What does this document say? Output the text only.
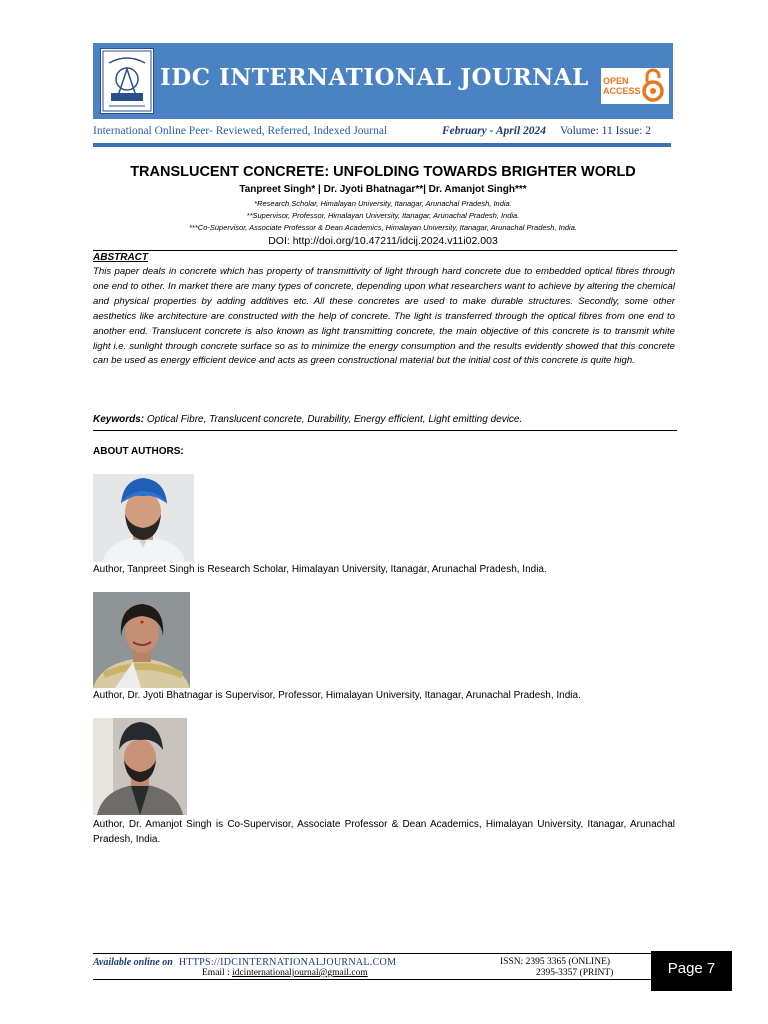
IDC INTERNATIONAL JOURNAL OPEN
ACCESS
International Online Peer- Reviewed, Referred, Indexed Journal	February - April 2024 Volume: 11 Issue: 2
TRANSLUCENT CONCRETE: UNFOLDING TOWARDS BRIGHTER WORLD
Tanpreet Singh* | Dr. Jyoti Bhatnagar**| Dr. Amanjot Singh***
*Research Scholar, Himalayan University, Itanagar, Arunachal Pradesh, India.
**Supervisor, Professor, Himalayan University, Itanagar, Arunachal Pradesh, India.
***Co-Supervisor, Associate Professor & Dean Academics, Himalayan University, Itanagar, Arunachal Pradesh, India.
DOI: http://doi.org/10.47211/idcij.2024.v11i02.003
ABSTRACT

This paper deals in concrete which has property of transmittivity of light through hard concrete due to embedded optical fibres through one end to other. In market there are many types of concrete, depending upon what researchers want to achieve by altering the chemical and physical properties by adding additives etc. All these concretes are used to make durable structures. Secondly, some other aesthetics like architecture are constructed with the help of concrete. The light is transferred through the optical fibres from one end to another end. Translucent concrete is also known as light transmitting concrete, the main objective of this concrete is to transmit white light i.e. sunlight through concrete surface so as to minimize the energy consumption and the results evidently showed that this concrete can be used as energy efficient device and acts as green constructional material but the initial cost of this concrete is quite high.

Keywords: Optical Fibre, Translucent concrete, Durability, Energy efficient, Light emitting device.
ABOUT AUTHORS:
Author, Tanpreet Singh is Research Scholar, Himalayan University, Itanagar, Arunachal Pradesh, India.
Author, Dr. Jyoti Bhatnagar is Supervisor, Professor, Himalayan University, Itanagar, Arunachal Pradesh, India.

Author, Dr. Amanjot Singh is Co-Supervisor, Associate Professor & Dean Academics, Himalayan University, Itanagar, Arunachal Pradesh, India.

Available online on HTTPS://IDCINTERNATIONALJOURNAL.COM
Email : idcinternationaljournal@gmail.com
ISSN: 2395 3365 (ONLINE)
2395-3357 (PRINT)	Page 7
